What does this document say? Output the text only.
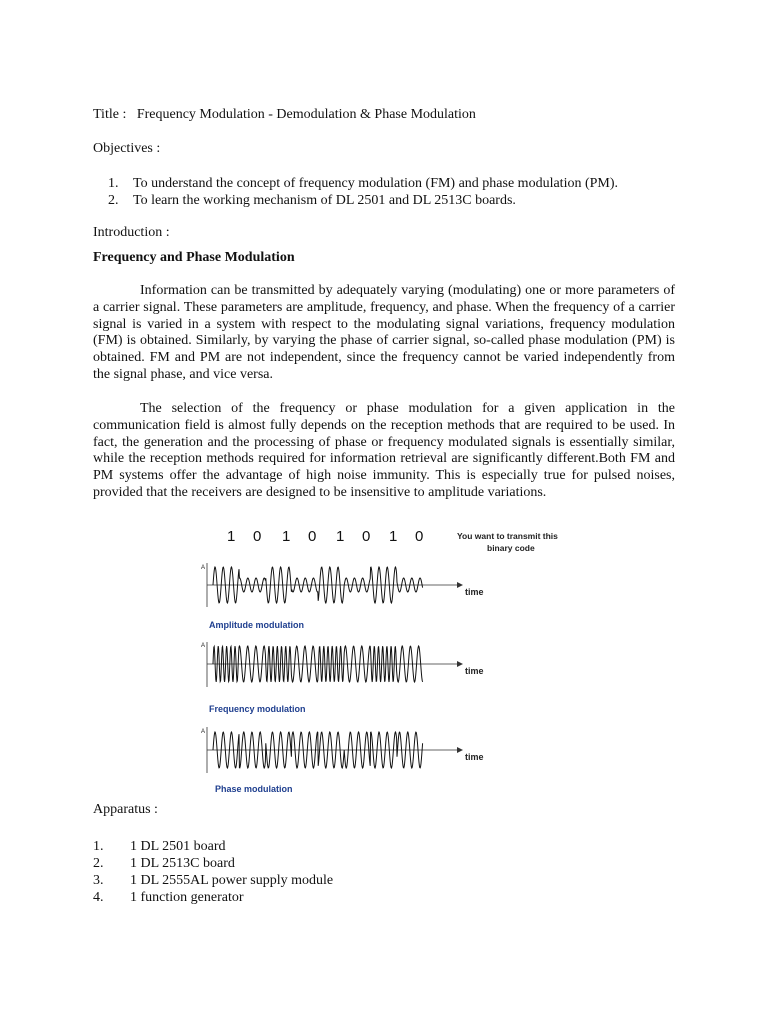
Title :   Frequency Modulation - Demodulation & Phase Modulation
Objectives :
1. To understand the concept of frequency modulation (FM) and phase modulation (PM).
2. To learn the working mechanism of DL 2501 and DL 2513C boards.
Introduction :
Frequency and Phase Modulation

Information can be transmitted by adequately varying (modulating) one or more parameters of a carrier signal. These parameters are amplitude, frequency, and phase. When the frequency of a carrier signal is varied in a system with respect to the modulating signal variations, frequency modulation (FM) is obtained. Similarly, by varying the phase of carrier signal, so-called phase modulation (PM) is obtained. FM and PM are not independent, since the frequency cannot be varied independently from the signal phase, and vice versa.

The selection of the frequency or phase modulation for a given application in the communication field is almost fully depends on the reception methods that are required to be used. In fact, the generation and the processing of phase or frequency modulated signals is essentially similar, while the reception methods required for information retrieval are significantly different.Both FM and PM systems offer the advantage of high noise immunity. This is especially true for pulsed noises, provided that the receivers are designed to be insensitive to amplitude variations.

1 0 1 0 1 0 1 0	You want to transmit this
binary code
A
time
Amplitude modulation
A
time
Frequency modulation
A
time
Phase modulation
Apparatus :
1. 1 DL 2501 board
2. 1 DL 2513C board
3. 1 DL 2555AL power supply module
4. 1 function generator
